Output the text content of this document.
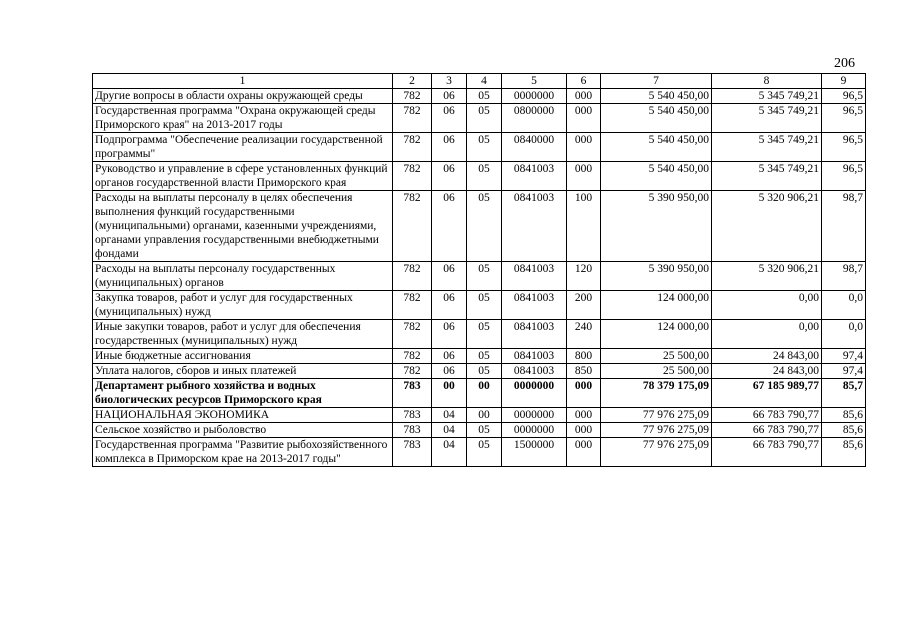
206
1	2	3	4	5	6	7	8	9
Другие вопросы в области охраны окружающей среды	782	06	05	0000000	000	5 540 450,00	5 345 749,21	96,5
Государственная программа "Охрана окружающей среды Приморского края" на 2013-2017 годы	782	06	05	0800000	000	5 540 450,00	5 345 749,21	96,5
Подпрограмма "Обеспечение реализации государственной программы"	782	06	05	0840000	000	5 540 450,00	5 345 749,21	96,5
Руководство и управление в сфере установленных функций органов государственной власти Приморского края	782	06	05	0841003	000	5 540 450,00	5 345 749,21	96,5
Расходы на выплаты персоналу в целях обеспечения выполнения функций государственными (муниципальными) органами, казенными учреждениями, органами управления государственными внебюджетными фондами	782	06	05	0841003	100	5 390 950,00	5 320 906,21	98,7
Расходы на выплаты персоналу государственных (муниципальных) органов	782	06	05	0841003	120	5 390 950,00	5 320 906,21	98,7
Закупка товаров, работ и услуг для государственных (муниципальных) нужд	782	06	05	0841003	200	124 000,00	0,00	0,0
Иные закупки товаров, работ и услуг для обеспечения государственных (муниципальных) нужд	782	06	05	0841003	240	124 000,00	0,00	0,0
Иные бюджетные ассигнования	782	06	05	0841003	800	25 500,00	24 843,00	97,4
Уплата налогов, сборов и иных платежей	782	06	05	0841003	850	25 500,00	24 843,00	97,4
Департамент рыбного хозяйства и водных биологических ресурсов Приморского края	783	00	00	0000000	000	78 379 175,09	67 185 989,77	85,7
НАЦИОНАЛЬНАЯ ЭКОНОМИКА	783	04	00	0000000	000	77 976 275,09	66 783 790,77	85,6
Сельское хозяйство и рыболовство	783	04	05	0000000	000	77 976 275,09	66 783 790,77	85,6
Государственная программа "Развитие рыбохозяйственного комплекса в Приморском крае на 2013-2017 годы"	783	04	05	1500000	000	77 976 275,09	66 783 790,77	85,6
